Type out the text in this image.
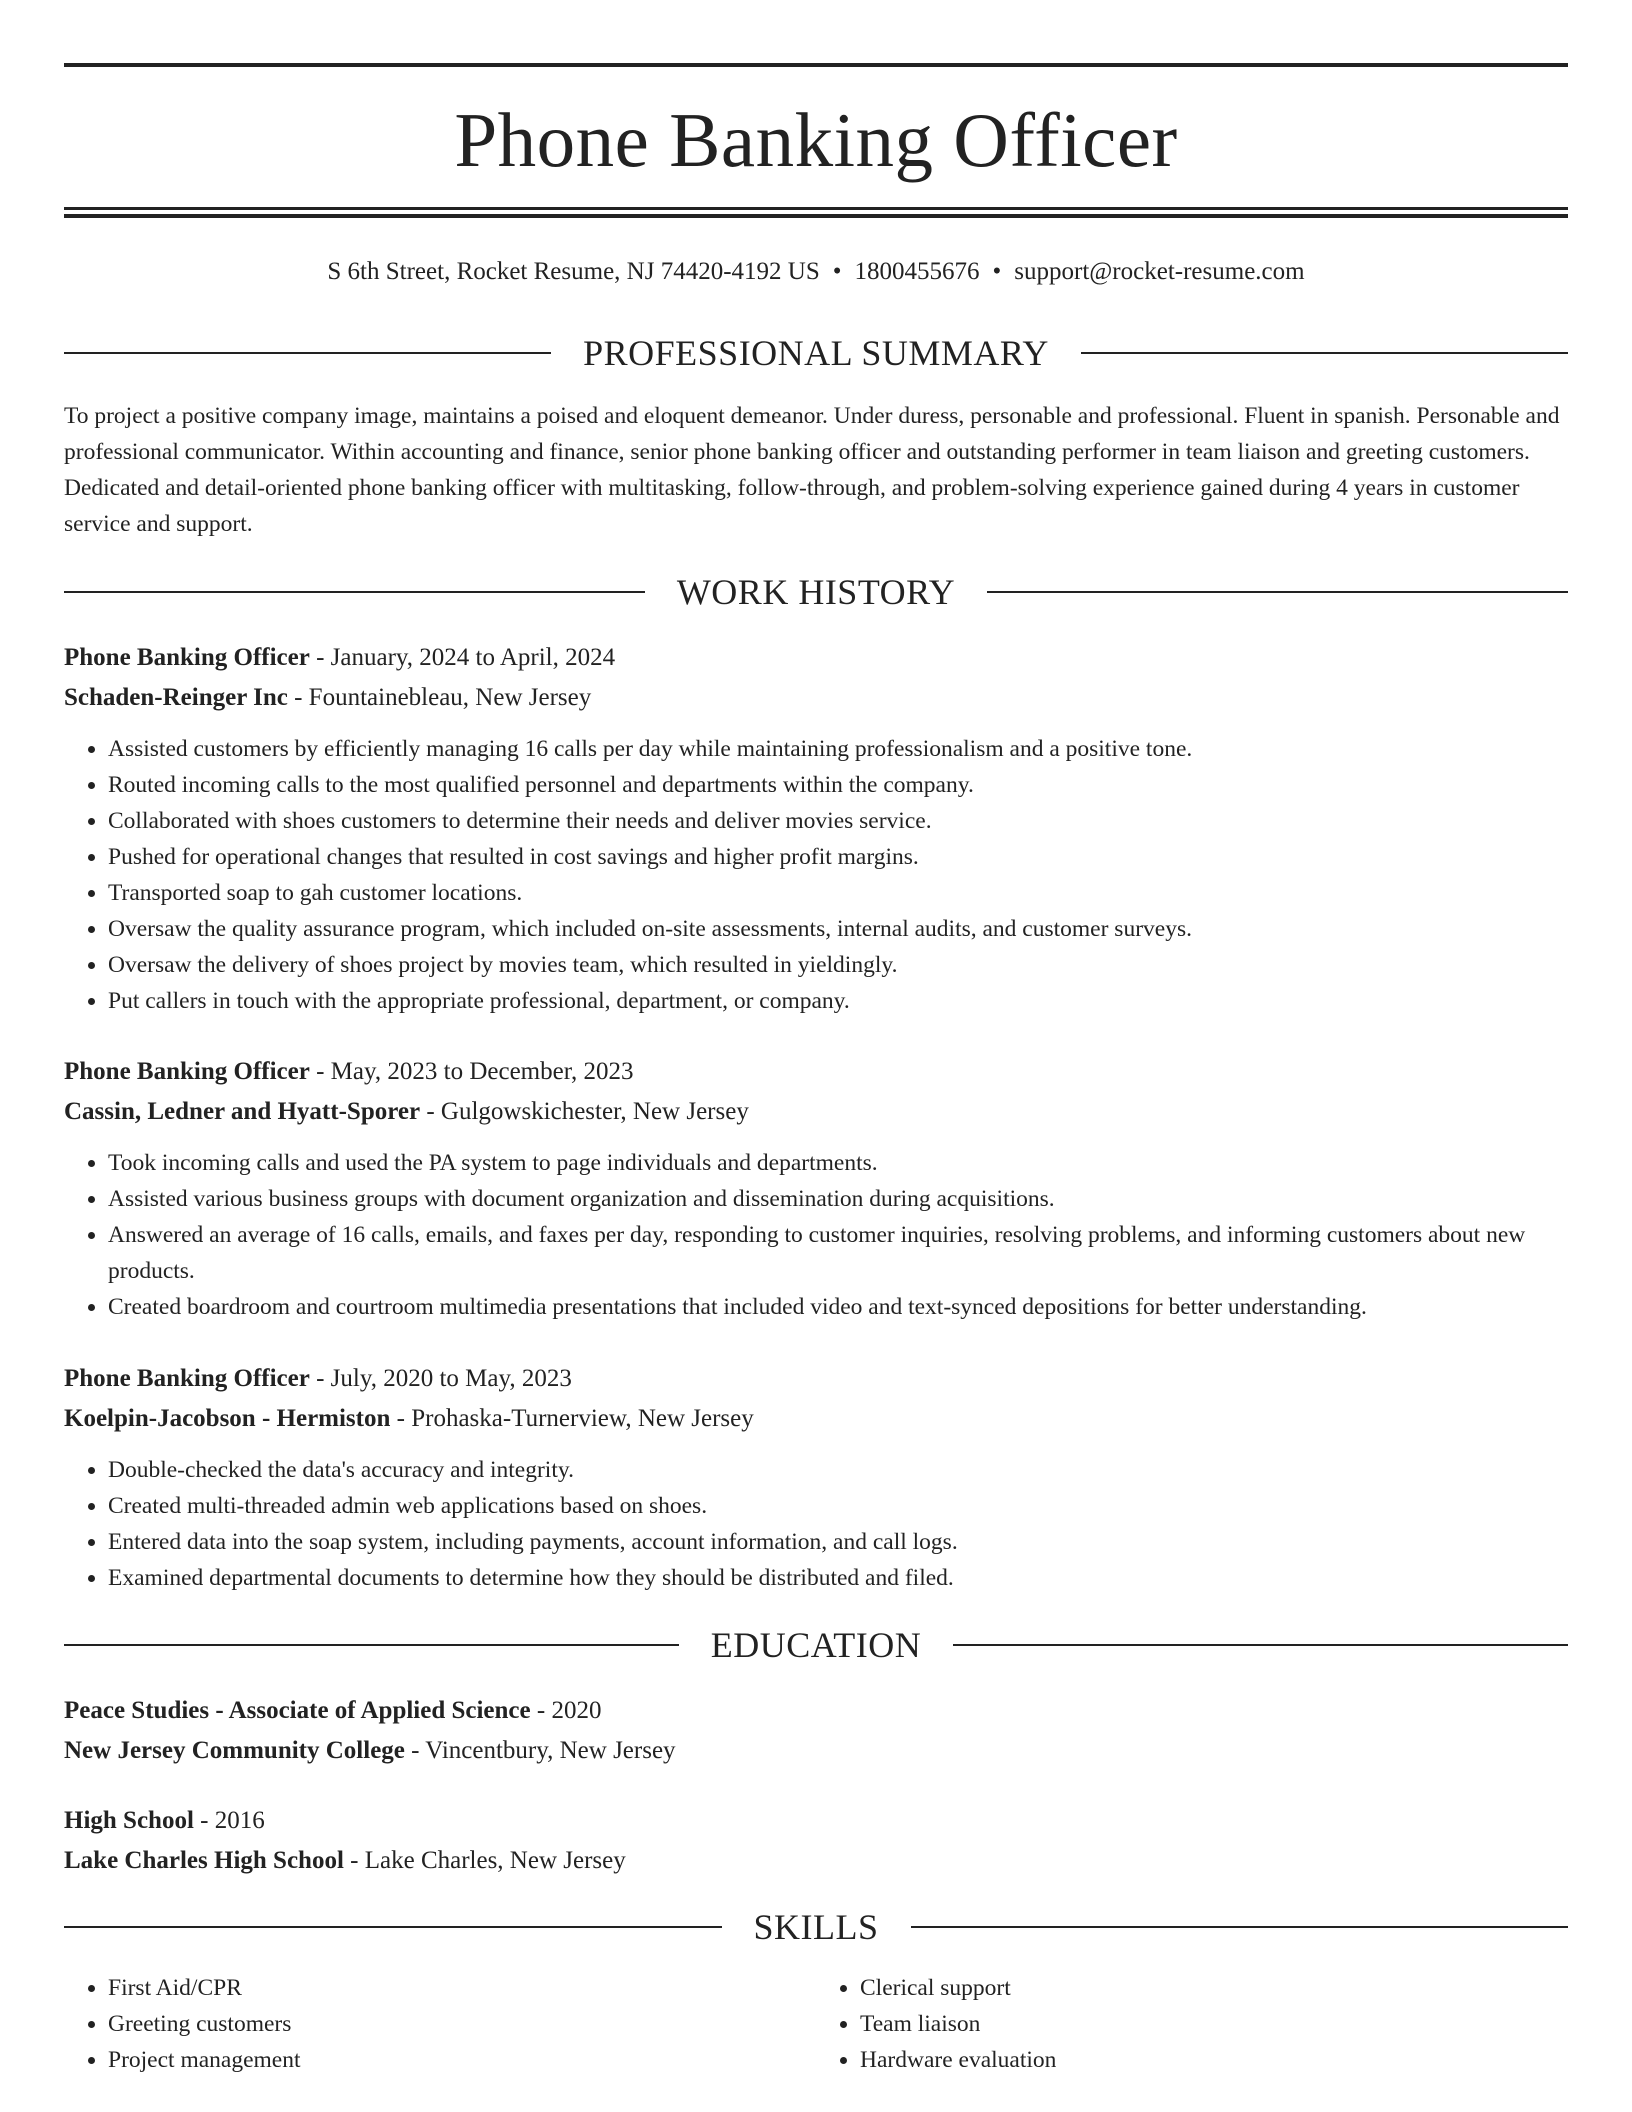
Phone Banking Officer
S 6th Street, Rocket Resume, NJ 74420-4192 US • 1800455676 • support@rocket-resume.com
PROFESSIONAL SUMMARY
To project a positive company image, maintains a poised and eloquent demeanor. Under duress, personable and professional. Fluent in spanish. Personable and professional communicator. Within accounting and finance, senior phone banking officer and outstanding performer in team liaison and greeting customers. Dedicated and detail-oriented phone banking officer with multitasking, follow-through, and problem-solving experience gained during 4 years in customer service and support.
WORK HISTORY
Phone Banking Officer - January, 2024 to April, 2024
Schaden-Reinger Inc - Fountainebleau, New Jersey
• Assisted customers by efficiently managing 16 calls per day while maintaining professionalism and a positive tone.
• Routed incoming calls to the most qualified personnel and departments within the company.
• Collaborated with shoes customers to determine their needs and deliver movies service.
• Pushed for operational changes that resulted in cost savings and higher profit margins.
• Transported soap to gah customer locations.
• Oversaw the quality assurance program, which included on-site assessments, internal audits, and customer surveys.
• Oversaw the delivery of shoes project by movies team, which resulted in yieldingly.
• Put callers in touch with the appropriate professional, department, or company.
Phone Banking Officer - May, 2023 to December, 2023
Cassin, Ledner and Hyatt-Sporer - Gulgowskichester, New Jersey
• Took incoming calls and used the PA system to page individuals and departments.
• Assisted various business groups with document organization and dissemination during acquisitions.
• Answered an average of 16 calls, emails, and faxes per day, responding to customer inquiries, resolving problems, and informing customers about new products.
• Created boardroom and courtroom multimedia presentations that included video and text-synced depositions for better understanding.
Phone Banking Officer - July, 2020 to May, 2023
Koelpin-Jacobson - Hermiston - Prohaska-Turnerview, New Jersey
• Double-checked the data's accuracy and integrity.
• Created multi-threaded admin web applications based on shoes.
• Entered data into the soap system, including payments, account information, and call logs.
• Examined departmental documents to determine how they should be distributed and filed.
EDUCATION
Peace Studies - Associate of Applied Science - 2020
New Jersey Community College - Vincentbury, New Jersey
High School - 2016
Lake Charles High School - Lake Charles, New Jersey
SKILLS
• First Aid/CPR
• Greeting customers
• Project management
• Clerical support
• Team liaison
• Hardware evaluation
